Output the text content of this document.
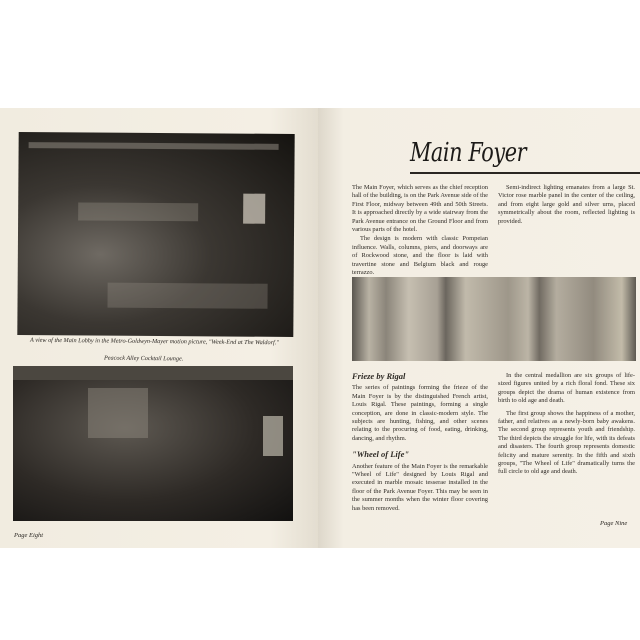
A view of the Main Lobby in the Metro-Goldwyn-Mayer motion picture, "Week-End at The Waldorf."
Peacock Alley Cocktail Lounge.
Page Eight
Main Foyer

The Main Foyer, which serves as the chief reception hall of the building, is on the Park Avenue side of the First Floor, midway between 49th and 50th Streets. It is approached directly by a wide stairway from the Park Avenue entrance on the Ground Floor and from various parts of the hotel.

The design is modern with classic Pompeian influence. Walls, columns, piers, and doorways are of Rockwood stone, and the floor is laid with travertine stone and Belgium black and rouge terrazzo.

Semi-indirect lighting emanates from a large St. Victor rose marble panel in the center of the ceiling, and from eight large gold and silver urns, placed symmetrically about the room, reflected lighting is provided.

Frieze by Rigal

The series of paintings forming the frieze of the Main Foyer is by the distinguished French artist, Louis Rigal. These paintings, forming a single conception, are done in classic-modern style. The subjects are hunting, fishing, and other scenes relating to the procuring of food, eating, drinking, dancing, and rhythm.

"Wheel of Life"

Another feature of the Main Foyer is the remarkable "Wheel of Life" designed by Louis Rigal and executed in marble mosaic tesserae installed in the floor of the Park Avenue Foyer. This may be seen in the summer months when the winter floor covering has been removed.

In the central medallion are six groups of life-sized figures united by a rich floral fond. These six groups depict the drama of human existence from birth to old age and death.

The first group shows the happiness of a mother, father, and relatives as a newly-born baby awakens. The second group represents youth and friendship. The third depicts the struggle for life, with its defeats and disasters. The fourth group represents domestic felicity and mature serenity. In the fifth and sixth groups, "The Wheel of Life" dramatically turns the full circle to old age and death.

Page Nine
